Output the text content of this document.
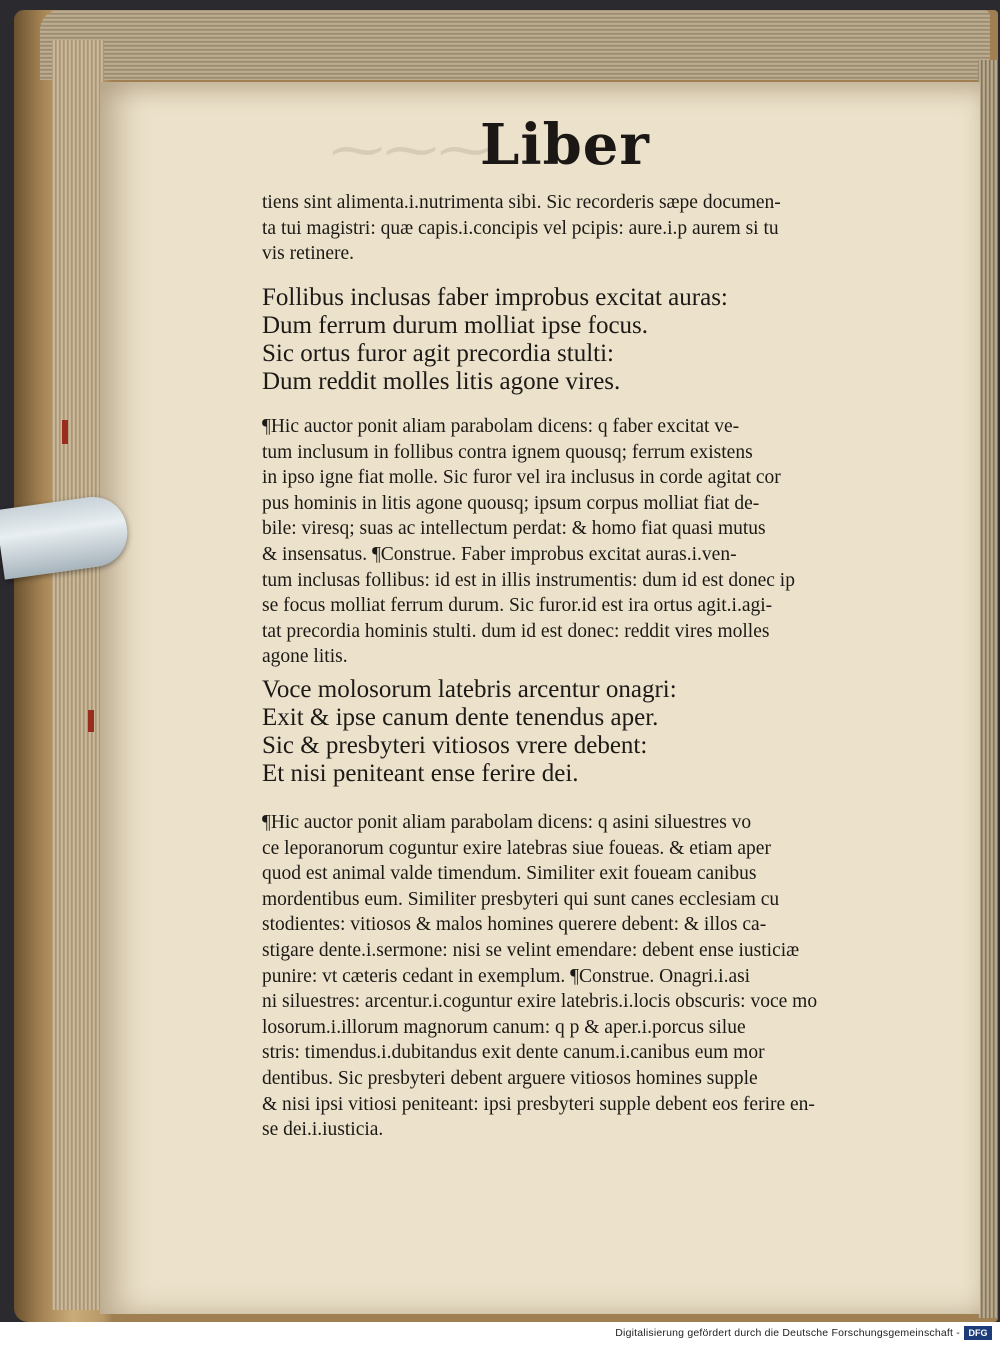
⁓⁓⁓
Liber

tiens sint alimenta.i.nutrimenta sibi. Sic recorderis sæpe documen-

ta tui magistri: quæ capis.i.concipis vel pcipis: aure.i.p aurem si tu

vis retinere.

Follibus inclusas faber improbus excitat auras:

Dum ferrum durum molliat ipse focus.

Sic ortus furor agit precordia stulti:

Dum reddit molles litis agone vires.

¶Hic auctor ponit aliam parabolam dicens: q faber excitat ve-

tum inclusum in follibus contra ignem quousq; ferrum existens

in ipso igne fiat molle. Sic furor vel ira inclusus in corde agitat cor

pus hominis in litis agone quousq; ipsum corpus molliat fiat de-

bile: viresq; suas ac intellectum perdat: & homo fiat quasi mutus

& insensatus. ¶Construe. Faber improbus excitat auras.i.ven-

tum inclusas follibus: id est in illis instrumentis: dum id est donec ip

se focus molliat ferrum durum. Sic furor.id est ira ortus agit.i.agi-

tat precordia hominis stulti. dum id est donec: reddit vires molles

agone litis.

Voce molosorum latebris arcentur onagri:

Exit & ipse canum dente tenendus aper.

Sic & presbyteri vitiosos vrere debent:

Et nisi peniteant ense ferire dei.

¶Hic auctor ponit aliam parabolam dicens: q asini siluestres vo

ce leporanorum coguntur exire latebras siue foueas. & etiam aper

quod est animal valde timendum. Similiter exit foueam canibus

mordentibus eum. Similiter presbyteri qui sunt canes ecclesiam cu

stodientes: vitiosos & malos homines querere debent: & illos ca-

stigare dente.i.sermone: nisi se velint emendare: debent ense iusticiæ

punire: vt cæteris cedant in exemplum. ¶Construe. Onagri.i.asi

ni siluestres: arcentur.i.coguntur exire latebris.i.locis obscuris: voce mo

losorum.i.illorum magnorum canum: q p & aper.i.porcus silue

stris: timendus.i.dubitandus exit dente canum.i.canibus eum mor

dentibus. Sic presbyteri debent arguere vitiosos homines supple

& nisi ipsi vitiosi peniteant: ipsi presbyteri supple debent eos ferire en-

se dei.i.iusticia.

Digitalisierung gefördert durch die Deutsche Forschungsgemeinschaft - DFG
